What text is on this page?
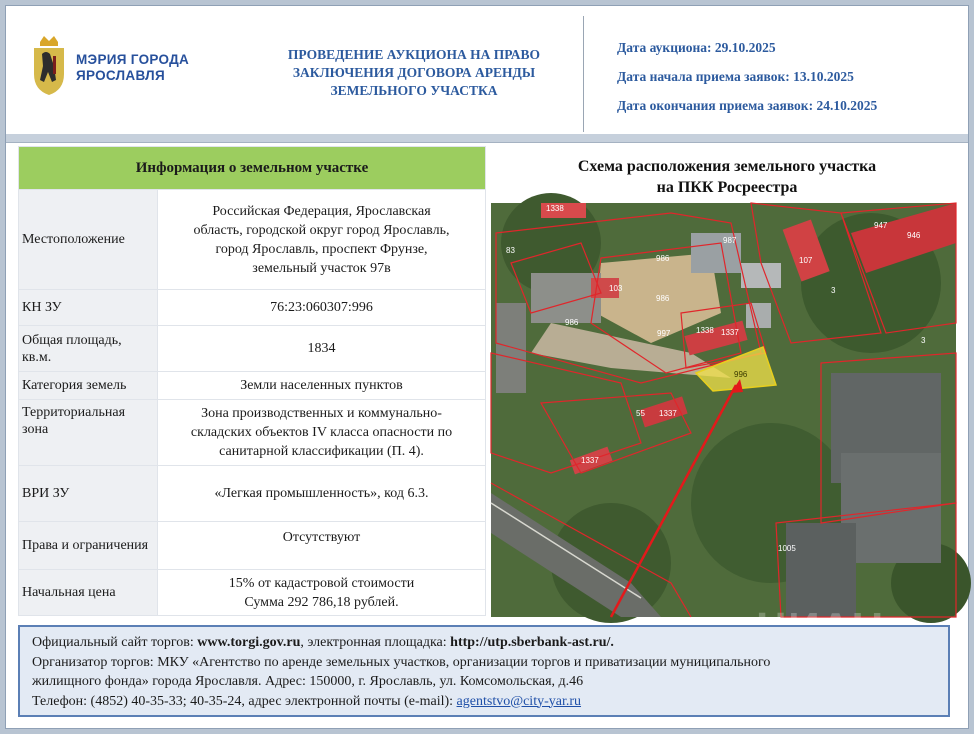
МЭРИЯ ГОРОДА
ЯРОСЛАВЛЯ
ПРОВЕДЕНИЕ АУКЦИОНА НА ПРАВО
ЗАКЛЮЧЕНИЯ ДОГОВОРА АРЕНДЫ
ЗЕМЕЛЬНОГО УЧАСТКА
Дата аукциона: 29.10.2025
Дата начала приема заявок: 13.10.2025
Дата окончания приема заявок: 24.10.2025
Информация о земельном участке	
Местоположение	Российская Федерация, Ярославская
область, городской округ город Ярославль,
город Ярославль, проспект Фрунзе,
земельный участок 97в

КН ЗУ	76:23:060307:996
Общая площадь, кв.м.	1834
Категория земель	Земли населенных пунктов
Территориальная зона	Зона производственных и коммунально-
складских объектов IV класса опасности по
санитарной классификации (П. 4).

ВРИ ЗУ	«Легкая промышленность», код 6.3.
Права и ограничения	Отсутствуют
Начальная цена	15% от кадастровой стоимости
Сумма 292 786,18 рублей.
Схема расположения земельного участка
на ПКК Росреестра
996
947
946
987
986
83
103
986
997	1338 1337
986
1337
55
1337
1338
3
1005
107
3
Официальный сайт торгов: www.torgi.gov.ru, электронная площадка: http://utp.sberbank-ast.ru/.
Организатор торгов: МКУ «Агентство по аренде земельных участков, организации торгов и приватизации муниципального
жилищного фонда» города Ярославля. Адрес: 150000, г. Ярославль, ул. Комсомольская, д.46
Телефон: (4852) 40-35-33; 40-35-24, адрес электронной почты (e-mail): agentstvo@city-yar.ru
